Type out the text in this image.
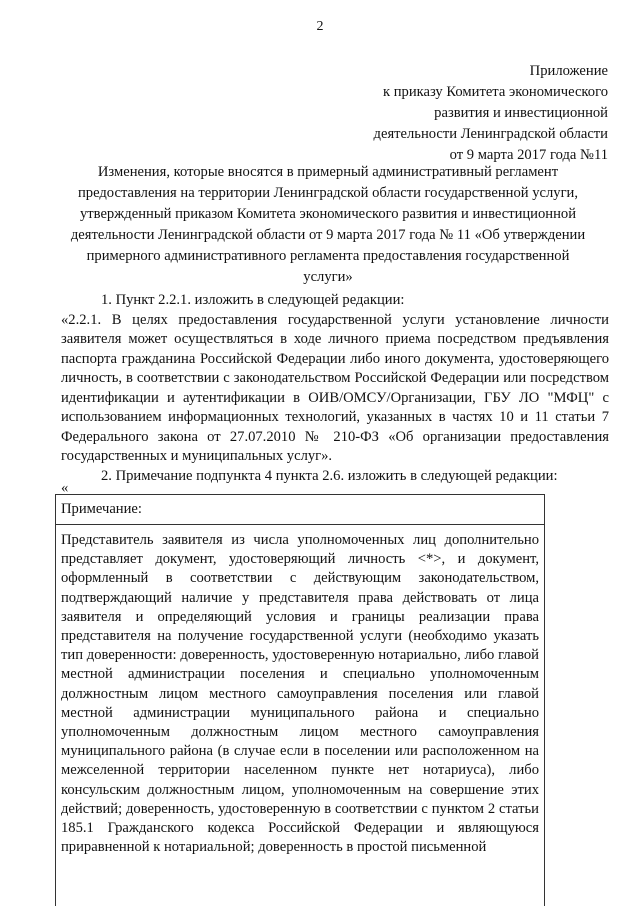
2
Приложение
к приказу Комитета экономического
развития и инвестиционной
деятельности Ленинградской области
от 9 марта 2017 года №11
Изменения, которые вносятся в примерный административный регламент предоставления на территории Ленинградской области государственной услуги, утвержденный приказом Комитета экономического развития и инвестиционной деятельности Ленинградской области от 9 марта 2017 года № 11 «Об утверждении примерного административного регламента предоставления государственной услуги»

1. Пункт 2.2.1. изложить в следующей редакции:

«2.2.1. В целях предоставления государственной услуги установление личности заявителя может осуществляться в ходе личного приема посредством предъявления паспорта гражданина Российской Федерации либо иного документа, удостоверяющего личность, в соответствии с законодательством Российской Федерации или посредством идентификации и аутентификации в ОИВ/ОМСУ/Организации, ГБУ ЛО "МФЦ" с использованием информационных технологий, указанных в частях 10 и 11 статьи 7 Федерального закона от 27.07.2010 № 210-ФЗ «Об организации предоставления государственных и муниципальных услуг».

2. Примечание подпункта 4 пункта 2.6. изложить в следующей редакции:

«
Примечание:
Представитель заявителя из числа уполномоченных лиц дополнительно представляет документ, удостоверяющий личность <*>, и документ, оформленный в соответствии с действующим законодательством, подтверждающий наличие у представителя права действовать от лица заявителя и определяющий условия и границы реализации права представителя на получение государственной услуги (необходимо указать тип доверенности: доверенность, удостоверенную нотариально, либо главой местной администрации поселения и специально уполномоченным должностным лицом местного самоуправления поселения или главой местной администрации муниципального района и специально уполномоченным должностным лицом местного самоуправления муниципального района (в случае если в поселении или расположенном на межселенной территории населенном пункте нет нотариуса), либо консульским должностным лицом, уполномоченным на совершение этих действий; доверенность, удостоверенную в соответствии с пунктом 2 статьи 185.1 Гражданского кодекса Российской Федерации и являющуюся приравненной к нотариальной; доверенность в простой письменной
